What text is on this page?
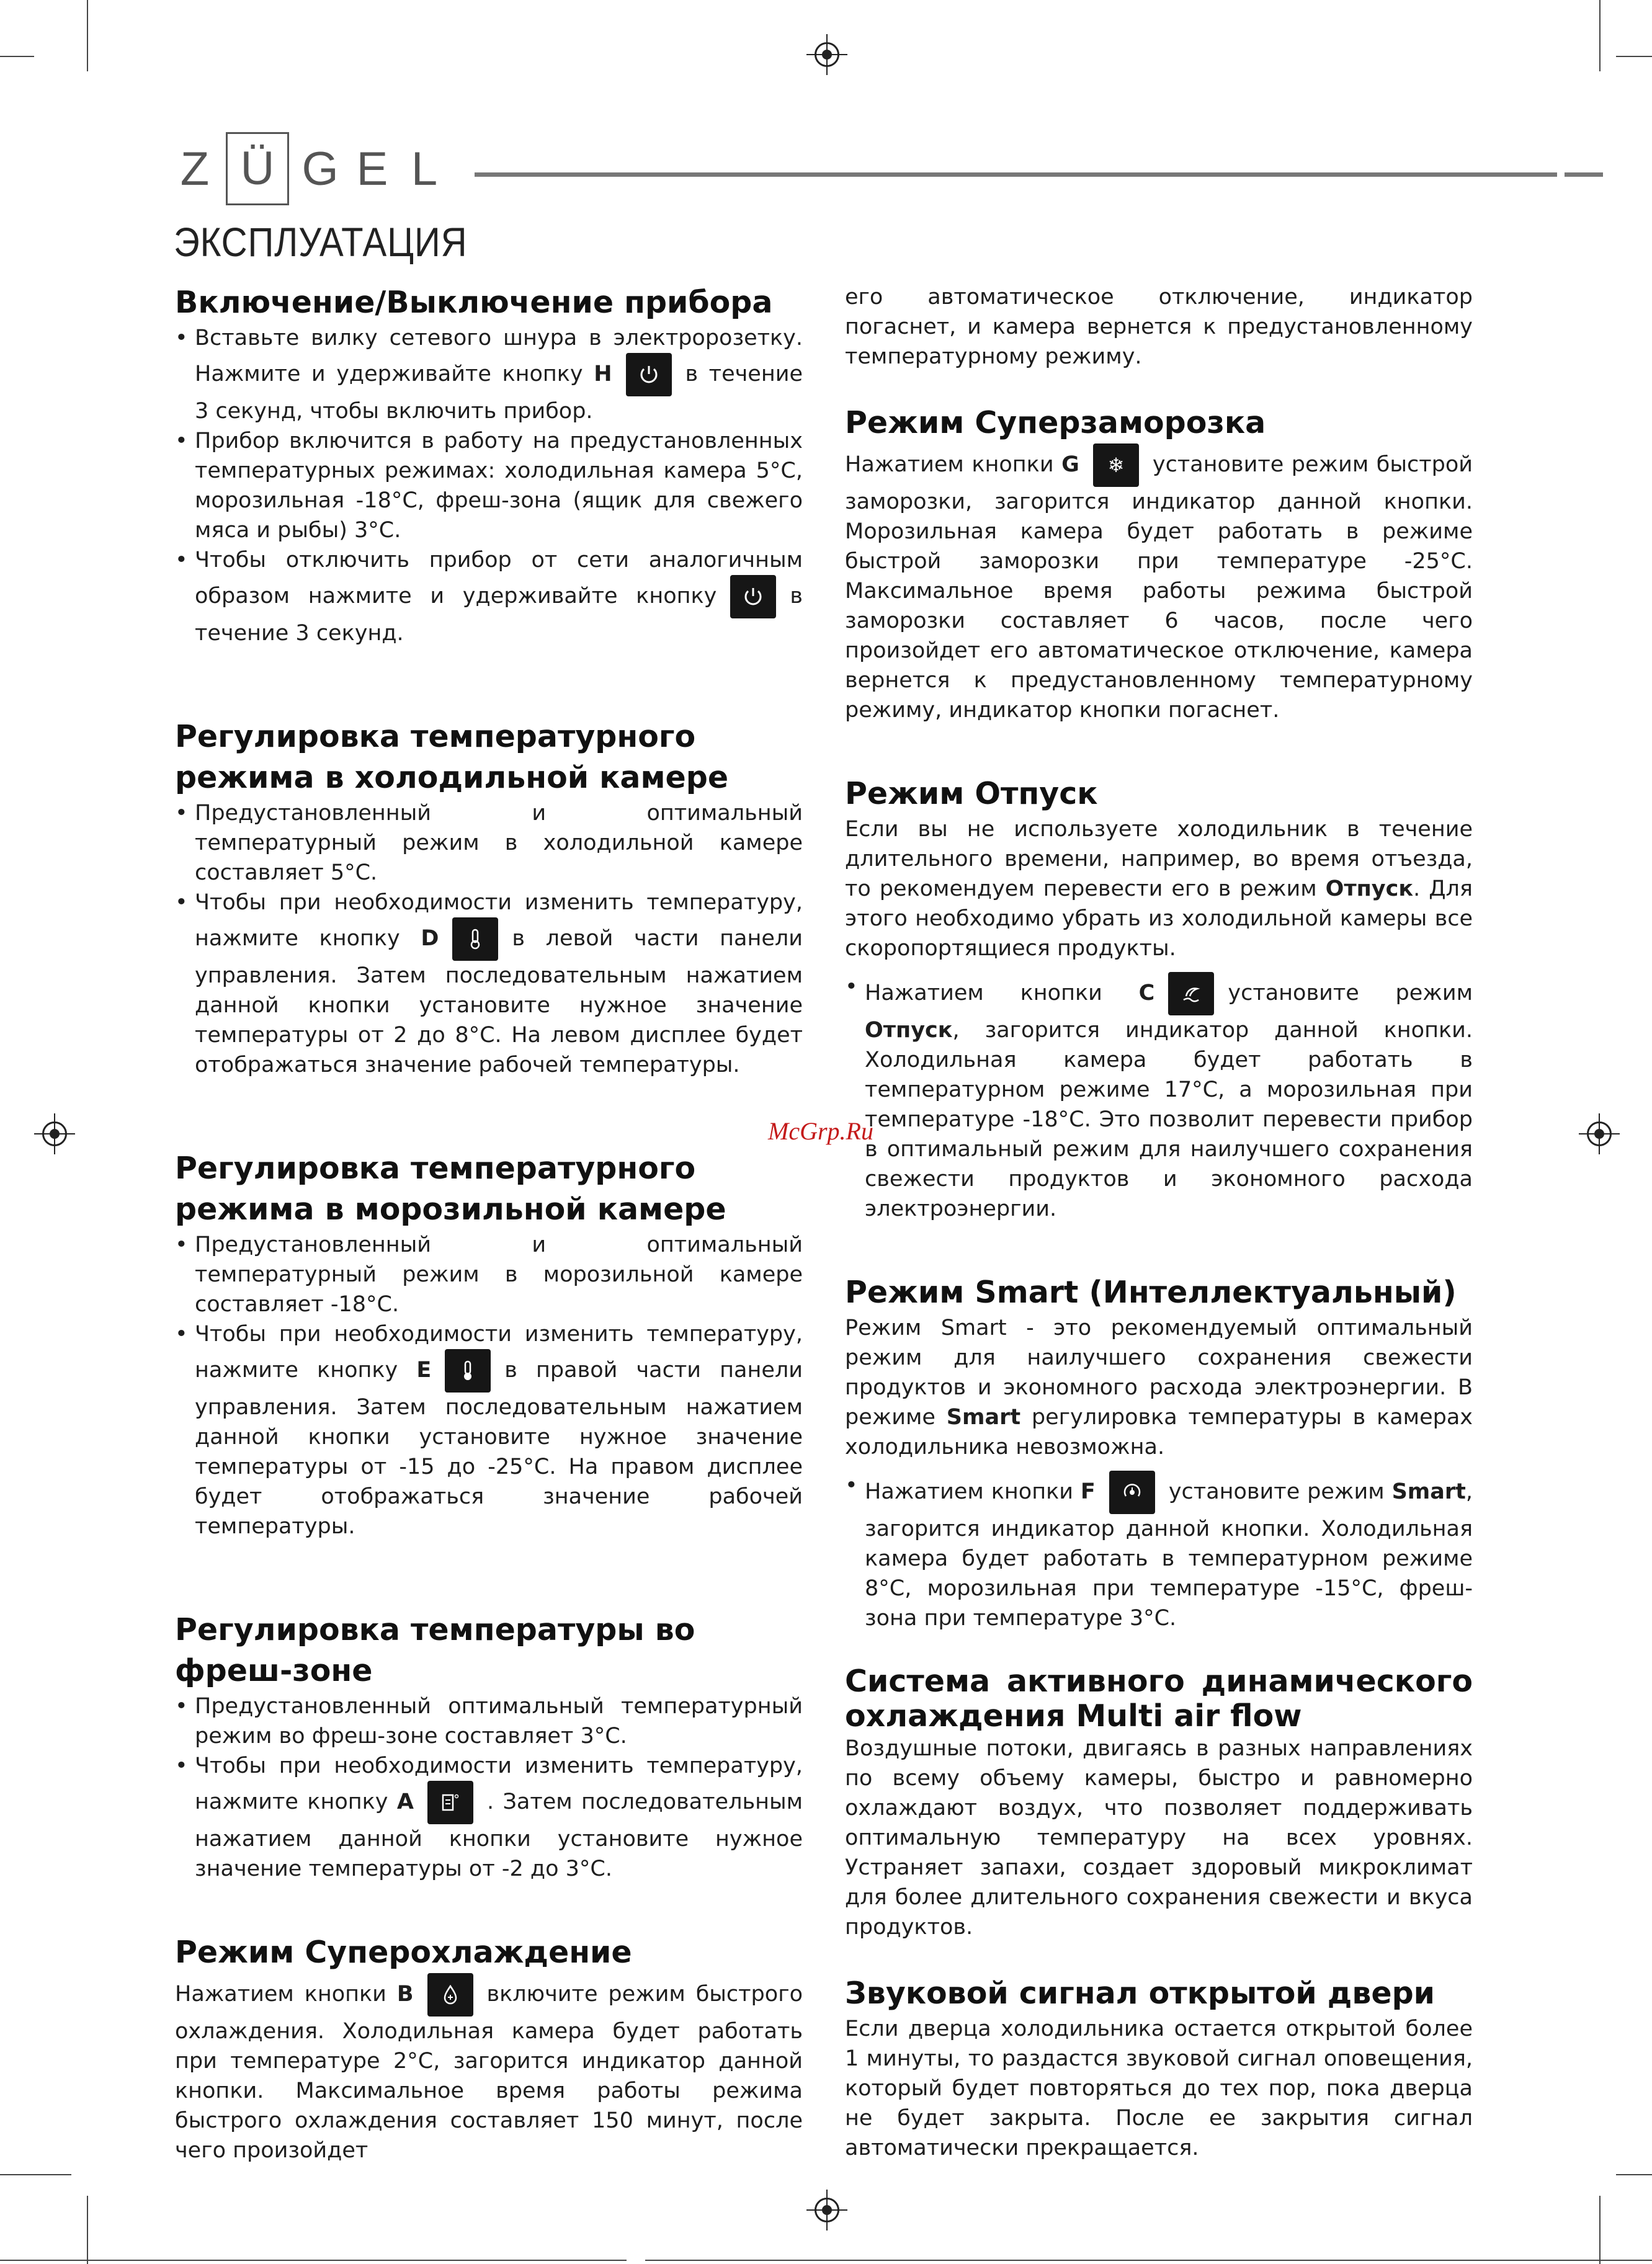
Z Ü G E L
ЭКСПЛУАТАЦИЯ
McGrp.Ru
Включение/Выключение прибора
• Вставьте вилку сетевого шнура в электророзетку. Нажмите и удерживайте кнопку H	в течение 3 секунд, чтобы включить прибор.
• Прибор включится в работу на предустановленных температурных режимах: холодильная камера 5°С, морозильная -18°С, фреш-зона (ящик для свежего мяса и рыбы) 3°С.
• Чтобы отключить прибор от сети аналогичным образом нажмите и удерживайте кнопку	в течение 3 секунд.
Регулировка температурного режима в холодильной камере
• Предустановленный и оптимальный температурный режим в холодильной камере составляет 5°С.
• Чтобы при необходимости изменить температуру, нажмите кнопку D	в левой части панели управления. Затем последовательным нажатием данной кнопки установите нужное значение температуры от 2 до 8°С. На левом дисплее будет отображаться значение рабочей температуры.
Регулировка температурного режима в морозильной камере
• Предустановленный и оптимальный температурный режим в морозильной камере составляет -18°С.
• Чтобы при необходимости изменить температуру, нажмите кнопку E	в правой части панели управления. Затем последовательным нажатием данной кнопки установите нужное значение температуры от -15 до -25°С. На правом дисплее будет отображаться значение рабочей температуры.
Регулировка температуры во фреш-зоне
• Предустановленный оптимальный температурный режим во фреш-зоне составляет 3°С.
• Чтобы при необходимости изменить температуру, нажмите кнопку A	. Затем последовательным нажатием данной кнопки установите нужное значение температуры от -2 до 3°С.
Режим Суперохлаждение

Нажатием кнопки B	включите режим быстрого охлаждения. Холодильная камера будет работать при температуре 2°С, загорится индикатор данной кнопки. Максимальное время работы режима быстрого охлаждения составляет 150 минут, после чего произойдет

его автоматическое отключение, индикатор погаснет, и камера вернется к предустановленному температурному режиму.

Режим Суперзаморозка

Нажатием кнопки G ❄ установите режим быстрой заморозки, загорится индикатор данной кнопки. Морозильная камера будет работать в режиме быстрой заморозки при температуре -25°С. Максимальное время работы режима быстрой заморозки составляет 6 часов, после чего произойдет его автоматическое отключение, камера вернется к предустановленному температурному режиму, индикатор кнопки погаснет.

Режим Отпуск

Если вы не используете холодильник в течение длительного времени, например, во время отъезда, то рекомендуем перевести его в режим Отпуск. Для этого необходимо убрать из холодильной камеры все скоропортящиеся продукты.

• Нажатием кнопки C	установите режим Отпуск, загорится индикатор данной кнопки. Холодильная камера будет работать в температурном режиме 17°С, а морозильная при температуре -18°С. Это позволит перевести прибор в оптимальный режим для наилучшего сохранения свежести продуктов и экономного расхода электроэнергии.
Режим Smart (Интеллектуальный)

Режим Smart - это рекомендуемый оптимальный режим для наилучшего сохранения свежести продуктов и экономного расхода электроэнергии. В режиме Smart регулировка температуры в камерах холодильника невозможна.

• Нажатием кнопки F	установите режим Smart, загорится индикатор данной кнопки. Холодильная камера будет работать в температурном режиме 8°С, морозильная при температуре -15°С, фреш-зона при температуре 3°С.
Система активного динамического охлаждения Multi air flow

Воздушные потоки, двигаясь в разных направлениях по всему объему камеры, быстро и равномерно охлаждают воздух, что позволяет поддерживать оптимальную температуру на всех уровнях. Устраняет запахи, создает здоровый микроклимат для более длительного сохранения свежести и вкуса продуктов.

Звуковой сигнал открытой двери

Если дверца холодильника остается открытой более 1 минуты, то раздастся звуковой сигнал оповещения, который будет повторяться до тех пор, пока дверца не будет закрыта. После ее закрытия сигнал автоматически прекращается.
